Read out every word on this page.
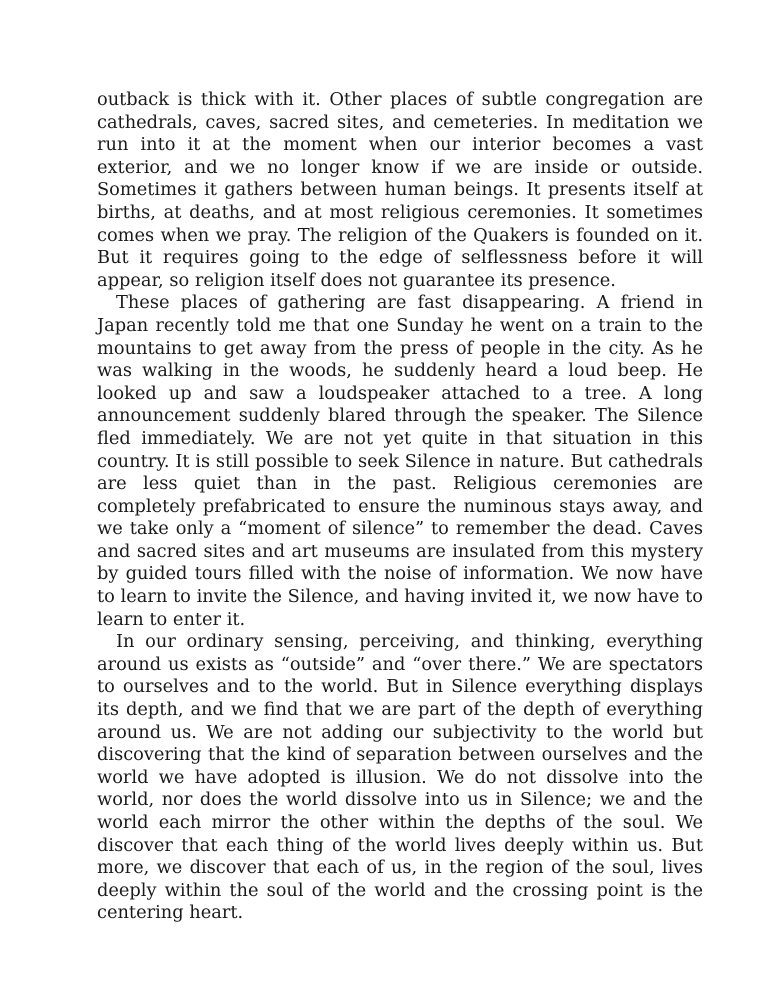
outback is thick with it. Other places of subtle congregation are cathedrals, caves, sacred sites, and cemeteries. In meditation we run into it at the moment when our interior becomes a vast exterior, and we no longer know if we are inside or outside. Sometimes it gathers between human beings. It presents itself at births, at deaths, and at most religious ceremonies. It sometimes comes when we pray. The religion of the Quakers is founded on it. But it requires going to the edge of selflessness before it will appear, so religion itself does not guarantee its presence.

These places of gathering are fast disappearing. A friend in Japan recently told me that one Sunday he went on a train to the mountains to get away from the press of people in the city. As he was walking in the woods, he suddenly heard a loud beep. He looked up and saw a loudspeaker attached to a tree. A long announcement suddenly blared through the speaker. The Silence fled immediately. We are not yet quite in that situation in this country. It is still possible to seek Silence in nature. But cathedrals are less quiet than in the past. Religious ceremonies are completely prefabricated to ensure the numinous stays away, and we take only a “moment of silence” to remember the dead. Caves and sacred sites and art museums are insulated from this mystery by guided tours filled with the noise of information. We now have to learn to invite the Silence, and having invited it, we now have to learn to enter it.

In our ordinary sensing, perceiving, and thinking, everything around us exists as “outside” and “over there.” We are spectators to ourselves and to the world. But in Silence everything displays its depth, and we find that we are part of the depth of everything around us. We are not adding our subjectivity to the world but discovering that the kind of separation between ourselves and the world we have adopted is illusion. We do not dissolve into the world, nor does the world dissolve into us in Silence; we and the world each mirror the other within the depths of the soul. We discover that each thing of the world lives deeply within us. But more, we discover that each of us, in the region of the soul, lives deeply within the soul of the world and the crossing point is the centering heart.
